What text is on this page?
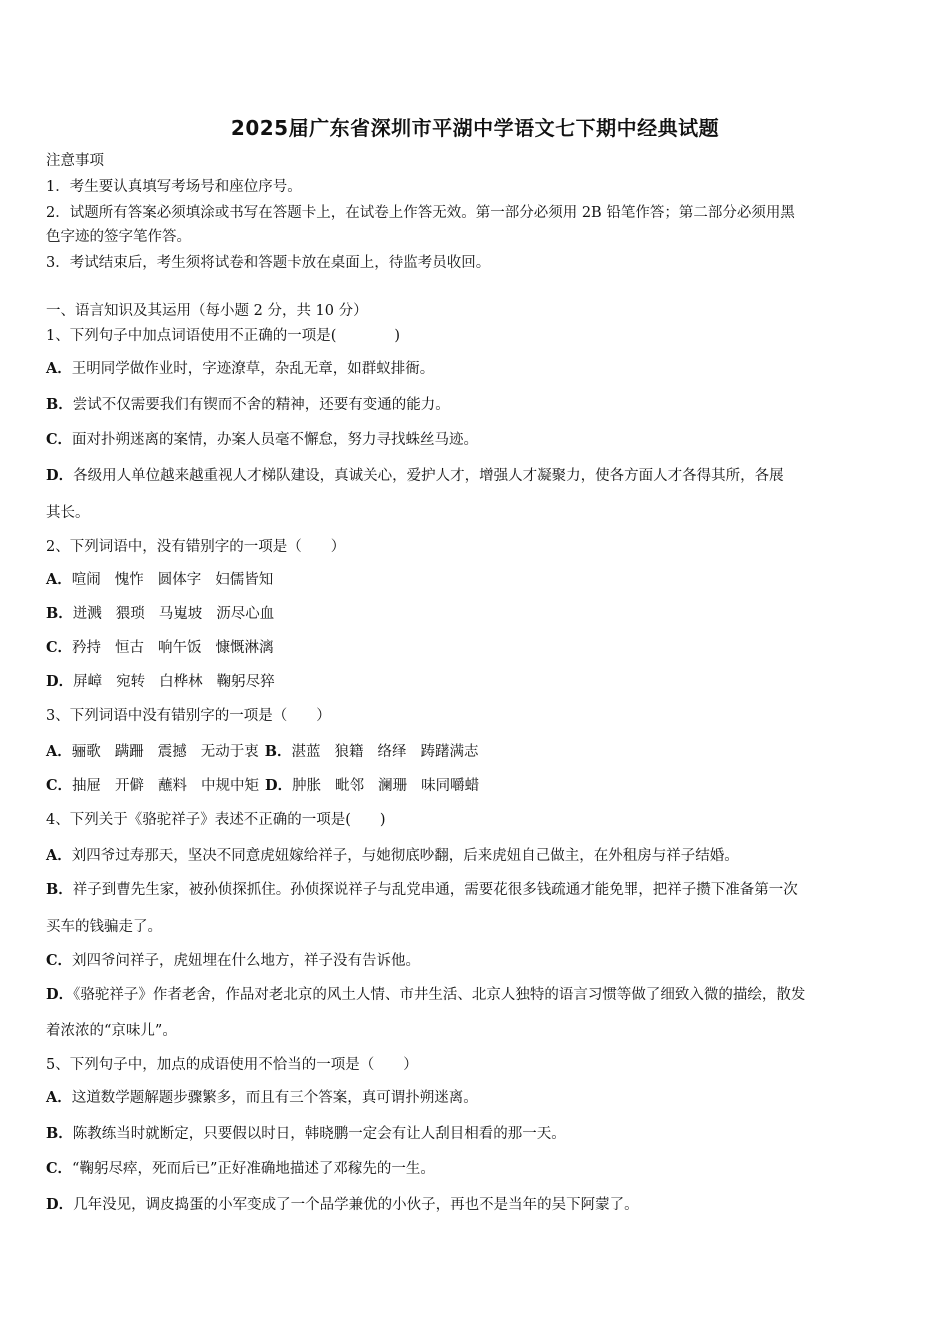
2025届广东省深圳市平湖中学语文七下期中经典试题
注意事项
1．考生要认真填写考场号和座位序号。
2．试题所有答案必须填涂或书写在答题卡上，在试卷上作答无效。第一部分必须用 2B 铅笔作答；第二部分必须用黑
色字迹的签字笔作答。
3．考试结束后，考生须将试卷和答题卡放在桌面上，待监考员收回。
一、语言知识及其运用（每小题 2 分，共 10 分）
1、下列句子中加点词语使用不正确的一项是(　　　　)
A．王明同学做作业时，字迹潦草，杂乱无章，如群蚁排衙。
B．尝试不仅需要我们有锲而不舍的精神，还要有变通的能力。
C．面对扑朔迷离的案情，办案人员毫不懈怠，努力寻找蛛丝马迹。
D．各级用人单位越来越重视人才梯队建设，真诚关心，爱护人才，增强人才凝聚力，使各方面人才各得其所，各展
其长。
2、下列词语中，没有错别字的一项是（　　）
A．喧闹 愧怍 圆体字 妇儒皆知
B．迸溅 猥琐 马嵬坡 沥尽心血
C．矜持 恒古 响午饭 慷慨淋漓
D．屏嶂 宛转 白桦林 鞠躬尽猝
3、下列词语中没有错别字的一项是（　　）
A．骊歌 蹒跚 震撼 无动于衷 B．湛蓝 狼籍 络绎 踌躇满志
C．抽屉 开僻 蘸料 中规中矩 D．肿胀 毗邻 澜珊 味同嚼蜡
4、下列关于《骆驼祥子》表述不正确的一项是(　　)
A．刘四爷过寿那天，坚决不同意虎妞嫁给祥子，与她彻底吵翻，后来虎妞自己做主，在外租房与祥子结婚。
B．祥子到曹先生家，被孙侦探抓住。孙侦探说祥子与乱党串通，需要花很多钱疏通才能免罪，把祥子攒下准备第一次
买车的钱骗走了。
C．刘四爷问祥子，虎妞埋在什么地方，祥子没有告诉他。
D．《骆驼祥子》作者老舍，作品对老北京的风土人情、市井生活、北京人独特的语言习惯等做了细致入微的描绘，散发
着浓浓的“京味儿”。
5、下列句子中，加点的成语使用不恰当的一项是（　　）
A．这道数学题解题步骤繁多，而且有三个答案，真可谓扑朔迷离。
B．陈教练当时就断定，只要假以时日，韩晓鹏一定会有让人刮目相看的那一天。
C．“鞠躬尽瘁，死而后已”正好准确地描述了邓稼先的一生。
D．几年没见，调皮捣蛋的小军变成了一个品学兼优的小伙子，再也不是当年的吴下阿蒙了。
